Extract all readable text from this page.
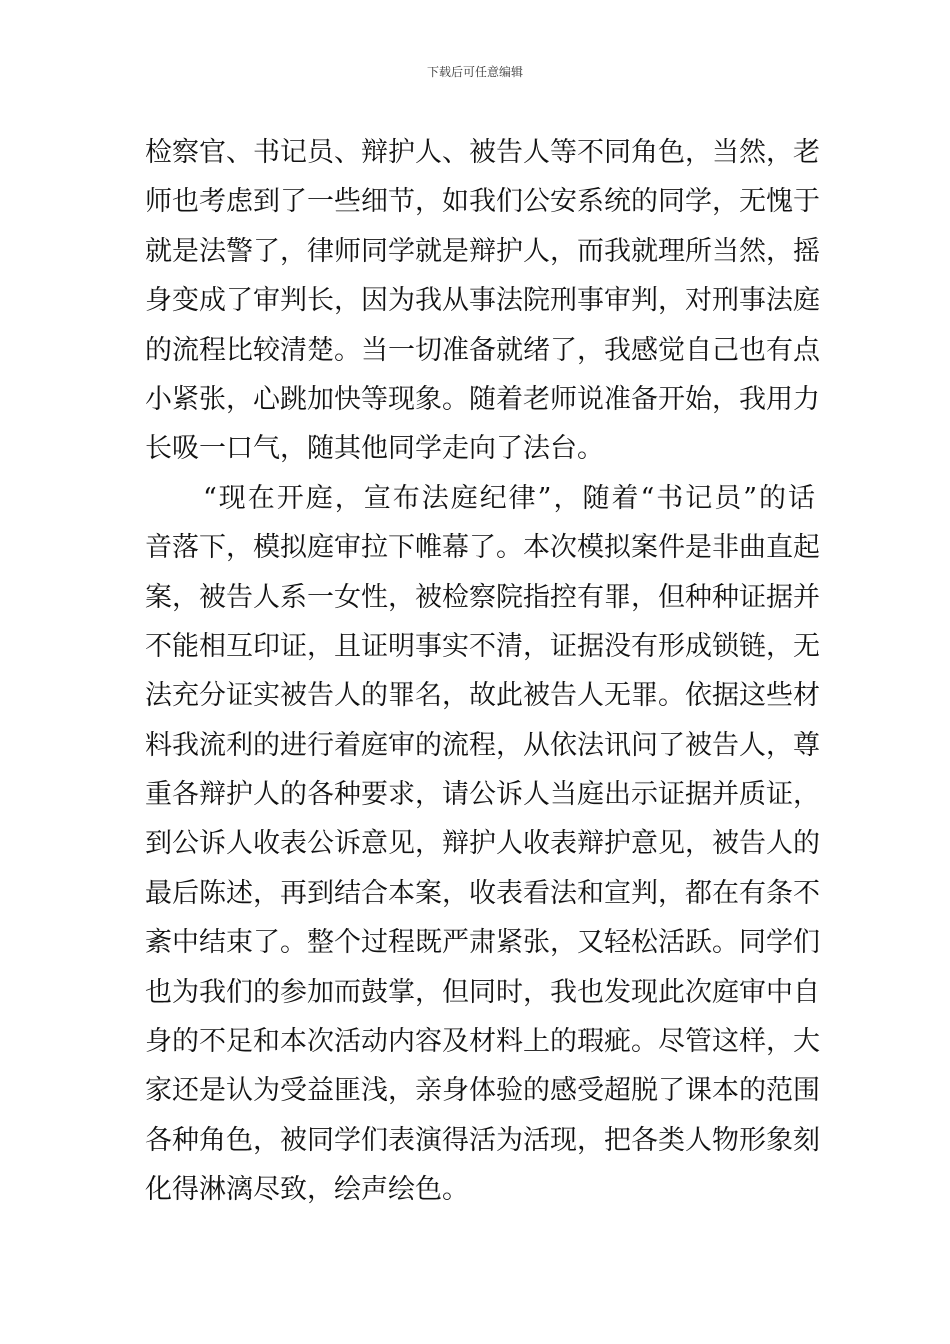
下载后可任意编辑
检察官、书记员、辩护人、被告人等不同角色，当然，老
师也考虑到了一些细节，如我们公安系统的同学，无愧于
就是法警了，律师同学就是辩护人，而我就理所当然，摇
身变成了审判长，因为我从事法院刑事审判，对刑事法庭
的流程比较清楚。当一切准备就绪了，我感觉自己也有点
小紧张，心跳加快等现象。随着老师说准备开始，我用力
长吸一口气，随其他同学走向了法台。
　　“现在开庭，宣布法庭纪律”，随着“书记员”的话
音落下，模拟庭审拉下帷幕了。本次模拟案件是非曲直起
案，被告人系一女性，被检察院指控有罪，但种种证据并
不能相互印证，且证明事实不清，证据没有形成锁链，无
法充分证实被告人的罪名，故此被告人无罪。依据这些材
料我流利的进行着庭审的流程，从依法讯问了被告人，尊
重各辩护人的各种要求，请公诉人当庭出示证据并质证，
到公诉人收表公诉意见，辩护人收表辩护意见，被告人的
最后陈述，再到结合本案，收表看法和宣判，都在有条不
紊中结束了。整个过程既严肃紧张，又轻松活跃。同学们
也为我们的参加而鼓掌，但同时，我也发现此次庭审中自
身的不足和本次活动内容及材料上的瑕疵。尽管这样，大
家还是认为受益匪浅，亲身体验的感受超脱了课本的范围
各种角色，被同学们表演得活为活现，把各类人物形象刻
化得淋漓尽致，绘声绘色。
